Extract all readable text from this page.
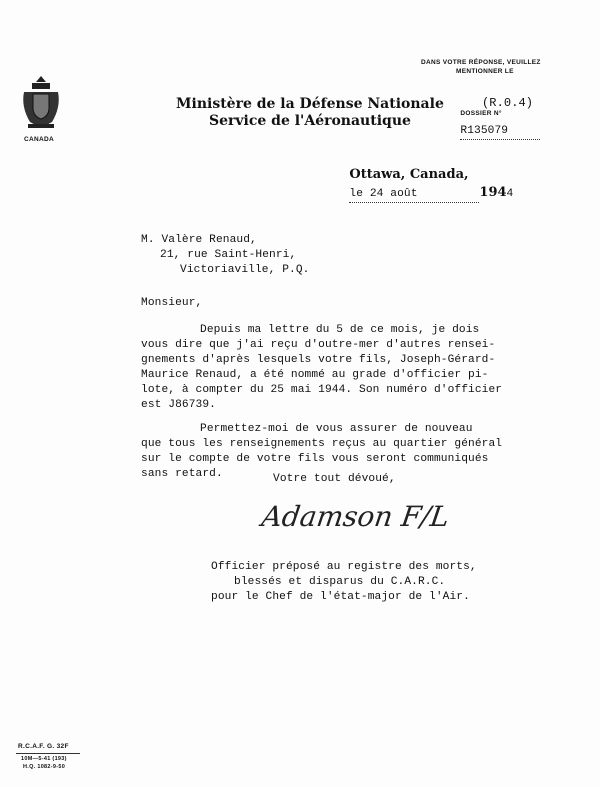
CANADA
DANS VOTRE RÉPONSE, VEUILLEZ
MENTIONNER LE

DOSSIER N°
R135079

(R.0.4)
Ministère de la Défense Nationale
Service de l'Aéronautique

Ottawa, Canada,
le 24 août	1944

M. Valère Renaud,
21, rue Saint-Henri,
Victoriaville, P.Q.
Monsieur,
Depuis ma lettre du 5 de ce mois, je dois
vous dire que j'ai reçu d'outre-mer d'autres rensei-
gnements d'après lesquels votre fils, Joseph-Gérard-
Maurice Renaud, a été nommé au grade d'officier pi-
lote, à compter du 25 mai 1944. Son numéro d'officier
est J86739.
Permettez-moi de vous assurer de nouveau
que tous les renseignements reçus au quartier général
sur le compte de votre fils vous seront communiqués
sans retard.	Votre tout dévoué,
Adamson F/L
Officier préposé au registre des morts,
blessés et disparus du C.A.R.C.
pour le Chef de l'état-major de l'Air.
R.C.A.F. G. 32F
10M—5-41 (193)
H.Q. 1082-9-50
